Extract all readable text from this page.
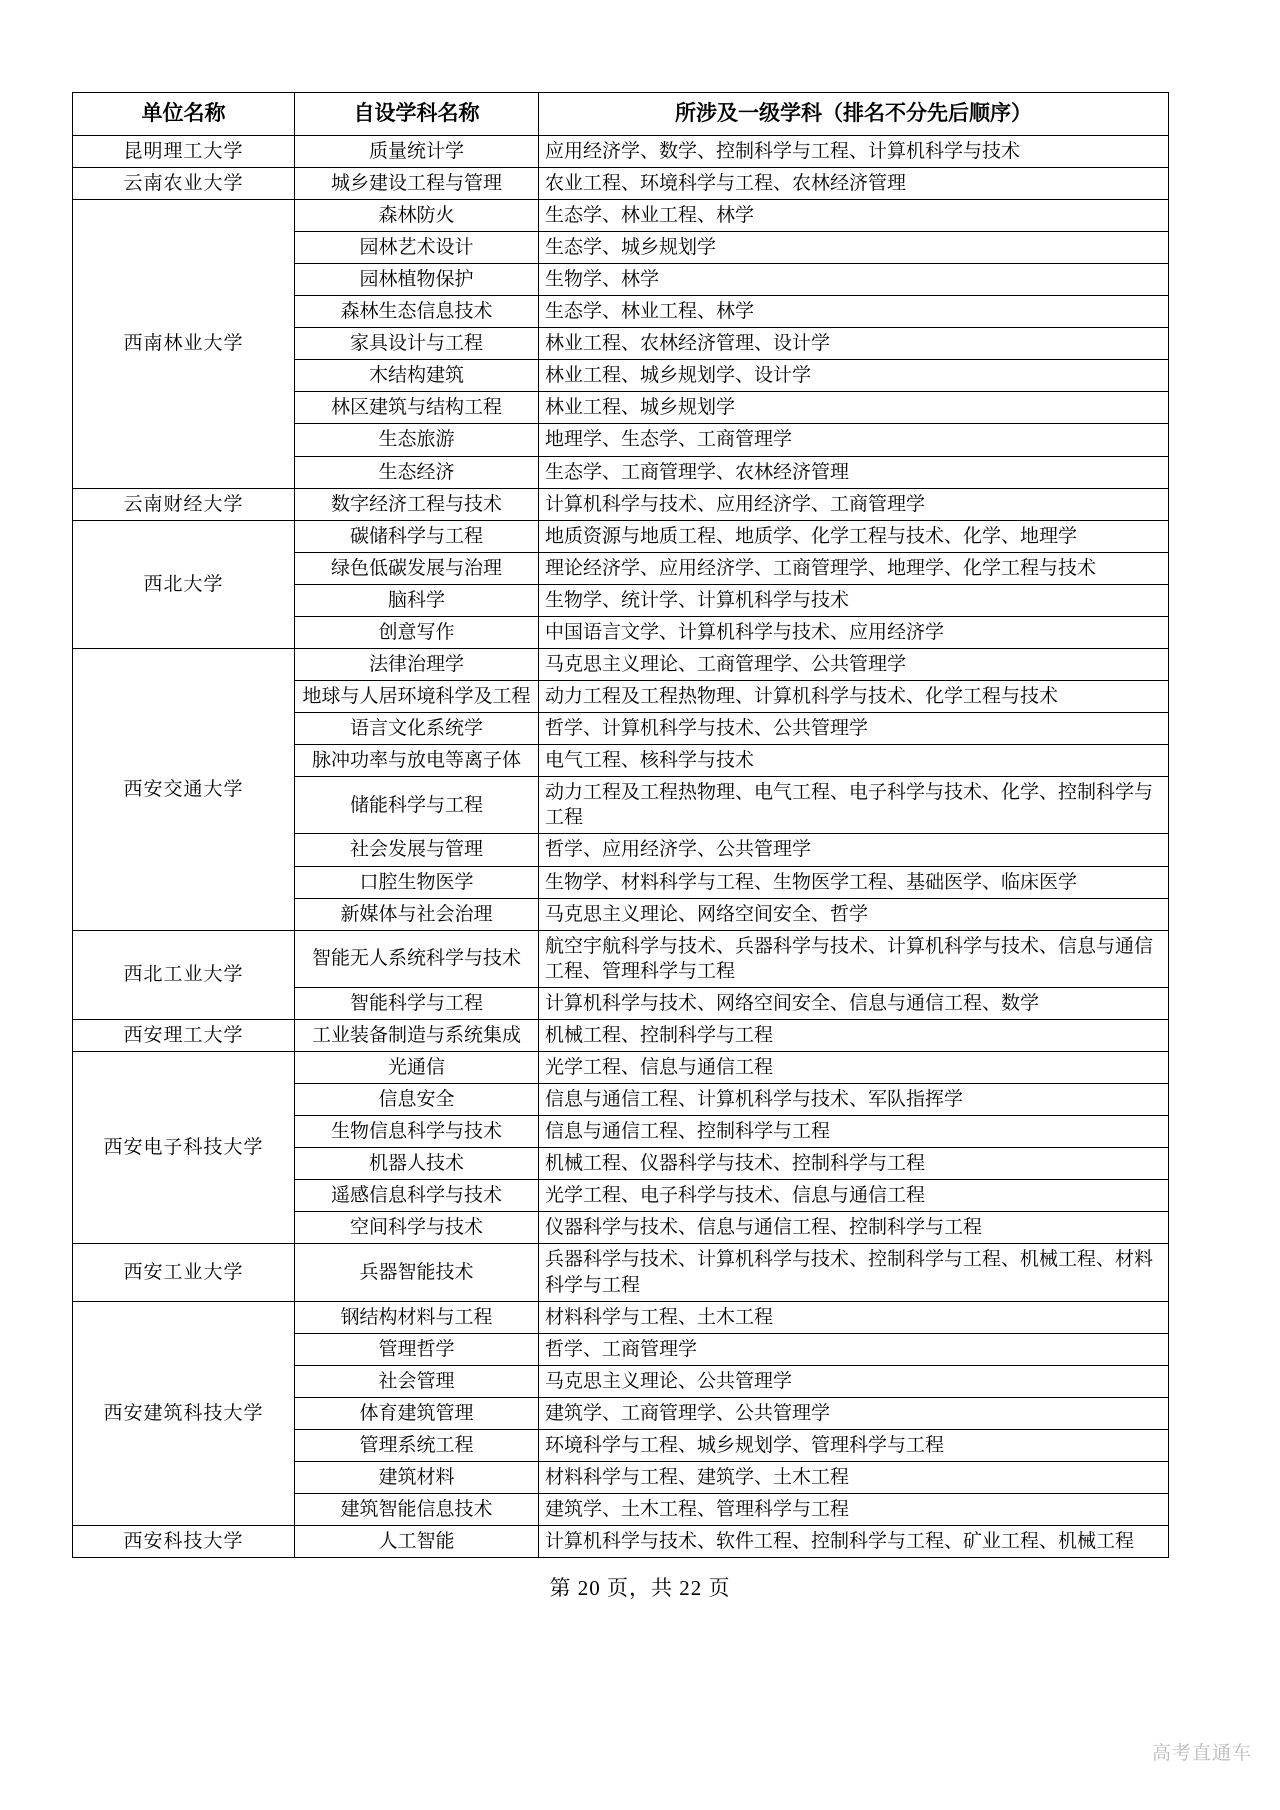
单位名称	自设学科名称	所涉及一级学科（排名不分先后顺序）
昆明理工大学	质量统计学	应用经济学、数学、控制科学与工程、计算机科学与技术
云南农业大学	城乡建设工程与管理	农业工程、环境科学与工程、农林经济管理
西南林业大学	森林防火	生态学、林业工程、林学
	园林艺术设计	生态学、城乡规划学
	园林植物保护	生物学、林学
	森林生态信息技术	生态学、林业工程、林学
	家具设计与工程	林业工程、农林经济管理、设计学
	木结构建筑	林业工程、城乡规划学、设计学
	林区建筑与结构工程	林业工程、城乡规划学
	生态旅游	地理学、生态学、工商管理学
	生态经济	生态学、工商管理学、农林经济管理
云南财经大学	数字经济工程与技术	计算机科学与技术、应用经济学、工商管理学
西北大学	碳储科学与工程	地质资源与地质工程、地质学、化学工程与技术、化学、地理学
	绿色低碳发展与治理	理论经济学、应用经济学、工商管理学、地理学、化学工程与技术
	脑科学	生物学、统计学、计算机科学与技术
	创意写作	中国语言文学、计算机科学与技术、应用经济学
西安交通大学	法律治理学	马克思主义理论、工商管理学、公共管理学
	地球与人居环境科学及工程	动力工程及工程热物理、计算机科学与技术、化学工程与技术
	语言文化系统学	哲学、计算机科学与技术、公共管理学
	脉冲功率与放电等离子体	电气工程、核科学与技术
	储能科学与工程	动力工程及工程热物理、电气工程、电子科学与技术、化学、控制科学与工程
	社会发展与管理	哲学、应用经济学、公共管理学
	口腔生物医学	生物学、材料科学与工程、生物医学工程、基础医学、临床医学
	新媒体与社会治理	马克思主义理论、网络空间安全、哲学
西北工业大学	智能无人系统科学与技术	航空宇航科学与技术、兵器科学与技术、计算机科学与技术、信息与通信工程、管理科学与工程
	智能科学与工程	计算机科学与技术、网络空间安全、信息与通信工程、数学
西安理工大学	工业装备制造与系统集成	机械工程、控制科学与工程
西安电子科技大学	光通信	光学工程、信息与通信工程
	信息安全	信息与通信工程、计算机科学与技术、军队指挥学
	生物信息科学与技术	信息与通信工程、控制科学与工程
	机器人技术	机械工程、仪器科学与技术、控制科学与工程
	遥感信息科学与技术	光学工程、电子科学与技术、信息与通信工程
	空间科学与技术	仪器科学与技术、信息与通信工程、控制科学与工程
西安工业大学	兵器智能技术	兵器科学与技术、计算机科学与技术、控制科学与工程、机械工程、材料科学与工程
西安建筑科技大学	钢结构材料与工程	材料科学与工程、土木工程
	管理哲学	哲学、工商管理学
	社会管理	马克思主义理论、公共管理学
	体育建筑管理	建筑学、工商管理学、公共管理学
	管理系统工程	环境科学与工程、城乡规划学、管理科学与工程
	建筑材料	材料科学与工程、建筑学、土木工程
	建筑智能信息技术	建筑学、土木工程、管理科学与工程
西安科技大学	人工智能	计算机科学与技术、软件工程、控制科学与工程、矿业工程、机械工程
第 20 页，共 22 页
高考直通车
